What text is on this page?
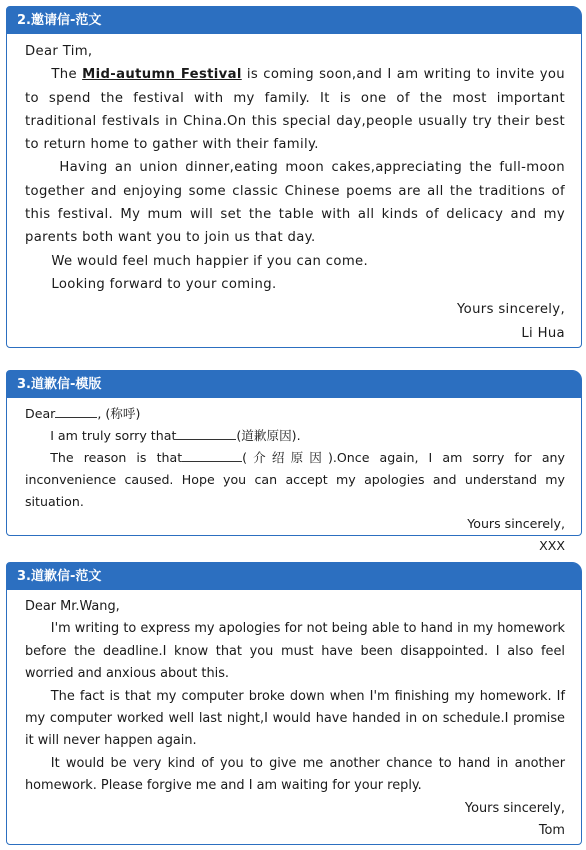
2.邀请信-范文

Dear Tim,

The Mid-autumn Festival is coming soon,and I am writing to invite you to spend the festival with my family. It is one of the most important traditional festivals in China.On this special day,people usually try their best to return home to gather with their family.

Having an union dinner,eating moon cakes,appreciating the full-moon together and enjoying some classic Chinese poems are all the traditions of this festival. My mum will set the table with all kinds of delicacy and my parents both want you to join us that day.

We would feel much happier if you can come.

Looking forward to your coming.

Yours sincerely,

Li Hua

3.道歉信-模版

Dear	, (称呼)

I am truly sorry that	(道歉原因).

The reason is that	(介绍原因).Once again, I am sorry for any inconvenience caused. Hope you can accept my apologies and understand my situation.

Yours sincerely,

XXX

3.道歉信-范文

Dear Mr.Wang,

I'm writing to express my apologies for not being able to hand in my homework before the deadline.I know that you must have been disappointed. I also feel worried and anxious about this.

The fact is that my computer broke down when I'm finishing my homework. If my computer worked well last night,I would have handed in on schedule.I promise it will never happen again.

It would be very kind of you to give me another chance to hand in another homework. Please forgive me and I am waiting for your reply.

Yours sincerely,

Tom
